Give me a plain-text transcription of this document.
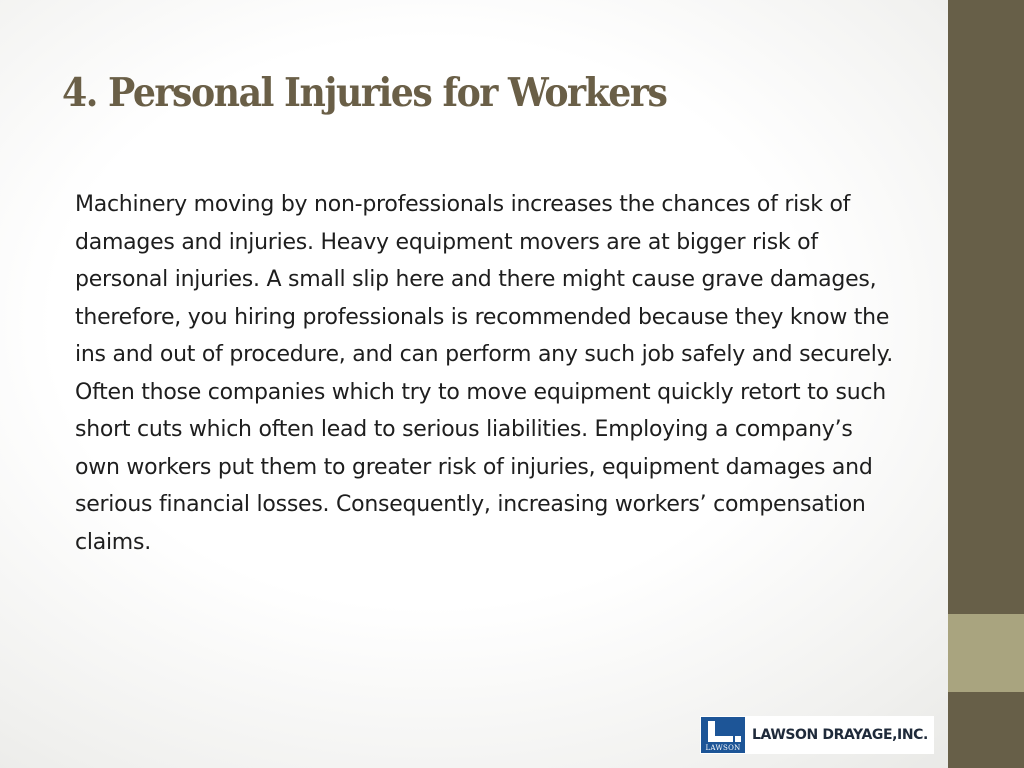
4. Personal Injuries for Workers

Machinery moving by non-professionals increases the chances of risk of damages and injuries. Heavy equipment movers are at bigger risk of personal injuries. A small slip here and there might cause grave damages, therefore, you hiring professionals is recommended because they know the ins and out of procedure, and can perform any such job safely and securely. Often those companies which try to move equipment quickly retort to such short cuts which often lead to serious liabilities. Employing a company’s own workers put them to greater risk of injuries, equipment damages and serious financial losses. Consequently, increasing workers’ compensation claims.

LAWSON
LAWSON DRAYAGE,INC.
